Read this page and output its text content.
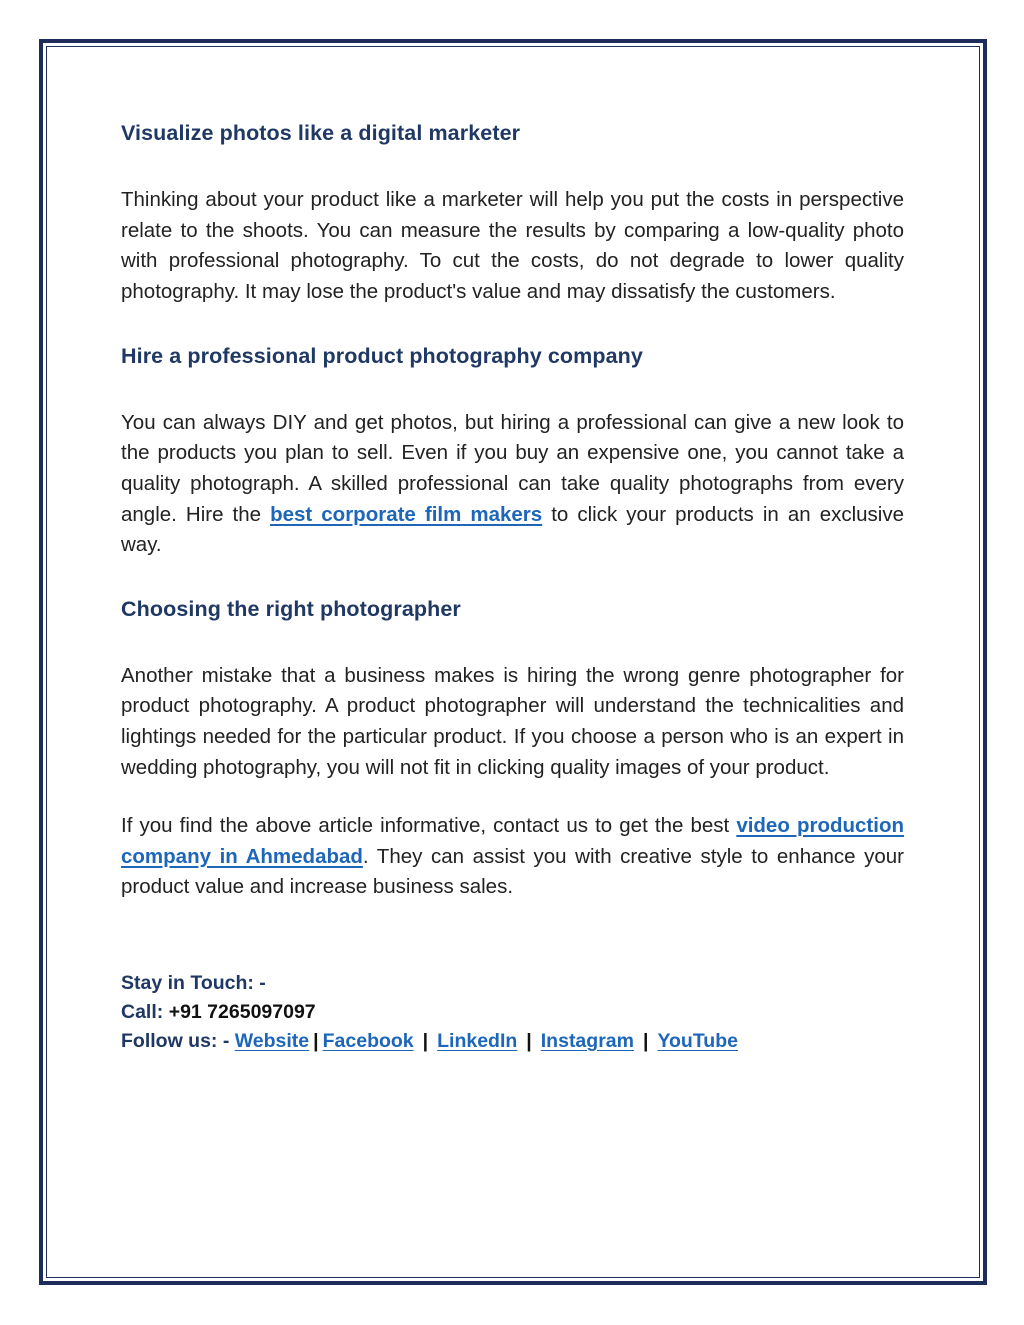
Visualize photos like a digital marketer

Thinking about your product like a marketer will help you put the costs in perspective relate to the shoots. You can measure the results by comparing a low-quality photo with professional photography. To cut the costs, do not degrade to lower quality photography. It may lose the product's value and may dissatisfy the customers.

Hire a professional product photography company

You can always DIY and get photos, but hiring a professional can give a new look to the products you plan to sell. Even if you buy an expensive one, you cannot take a quality photograph. A skilled professional can take quality photographs from every angle. Hire the best corporate film makers to click your products in an exclusive way.

Choosing the right photographer

Another mistake that a business makes is hiring the wrong genre photographer for product photography. A product photographer will understand the technicalities and lightings needed for the particular product. If you choose a person who is an expert in wedding photography, you will not fit in clicking quality images of your product.

If you find the above article informative, contact us to get the best video production company in Ahmedabad. They can assist you with creative style to enhance your product value and increase business sales.

Stay in Touch: -
Call: +91 7265097097
Follow us: - Website | Facebook | LinkedIn | Instagram | YouTube
